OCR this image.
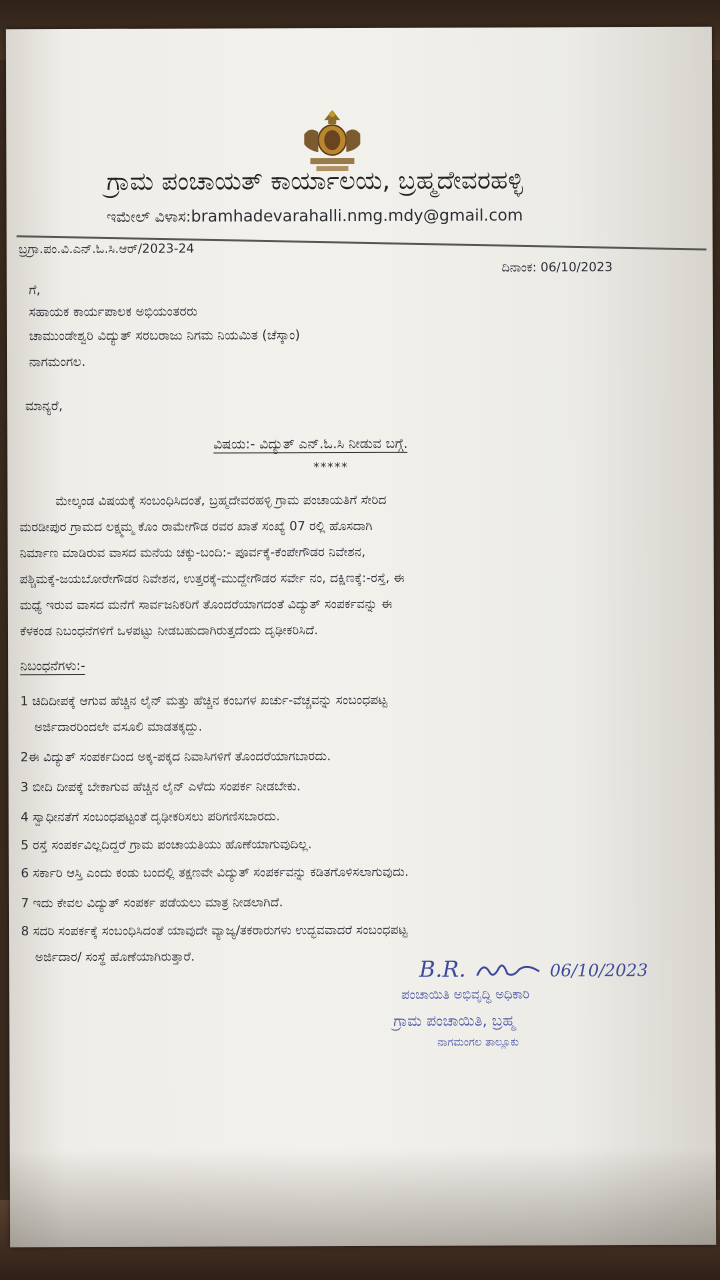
ಗ್ರಾಮ ಪಂಚಾಯತ್ ಕಾರ್ಯಾಲಯ, ಬ್ರಹ್ಮದೇವರಹಳ್ಳಿ
ಇಮೇಲ್ ವಿಳಾಸ:bramhadevarahalli.nmg.mdy@gmail.com
ಬ್ರಗ್ರಾ.ಪಂ.ವಿ.ಎನ್.ಓ.ಸಿ.ಆರ್/2023-24
ದಿನಾಂಕ: 06/10/2023
ಗೆ,
ಸಹಾಯಕ ಕಾರ್ಯಪಾಲಕ ಅಭಿಯಂತರರು
ಚಾಮುಂಡೇಶ್ವರಿ ವಿದ್ಯುತ್ ಸರಬರಾಜು ನಿಗಮ ನಿಯಮಿತ (ಚೆಸ್ಕಾಂ)
ನಾಗಮಂಗಲ.
ಮಾನ್ಯರೆ,
ವಿಷಯ:- ವಿದ್ಯುತ್ ಎನ್.ಓ.ಸಿ ನೀಡುವ ಬಗ್ಗೆ.
*****
ಮೇಲ್ಕಂಡ ವಿಷಯಕ್ಕೆ ಸಂಬಂಧಿಸಿದಂತೆ, ಬ್ರಹ್ಮದೇವರಹಳ್ಳಿ ಗ್ರಾಮ ಪಂಚಾಯತಿಗೆ ಸೇರಿದ
ಮರಡೀಪುರ ಗ್ರಾಮದ ಲಕ್ಷ್ಮಮ್ಮ ಕೊಂ ರಾಮೇಗೌಡ ರವರ ಖಾತೆ ಸಂಖ್ಯೆ 07 ರಲ್ಲಿ ಹೊಸದಾಗಿ
ನಿರ್ಮಾಣ ಮಾಡಿರುವ ವಾಸದ ಮನೆಯ ಚಕ್ಕು-ಬಂದಿ:- ಪೂರ್ವಕ್ಕೆ-ಕೆಂಪೇಗೌಡರ ನಿವೇಶನ,
ಪಶ್ಚಿಮಕ್ಕೆ-ಜಯಬೋರೇಗೌಡರ ನಿವೇಶನ, ಉತ್ತರಕ್ಕೆ-ಮುದ್ದೇಗೌಡರ ಸರ್ವೇ ನಂ, ದಕ್ಷಿಣಕ್ಕೆ:-ರಸ್ತೆ, ಈ
ಮಧ್ಯೆ ಇರುವ ವಾಸದ ಮನೆಗೆ ಸಾರ್ವಜನಿಕರಿಗೆ ತೊಂದರೆಯಾಗದಂತೆ ವಿದ್ಯುತ್ ಸಂಪರ್ಕವನ್ನು ಈ
ಕೆಳಕಂಡ ನಿಬಂಧನೆಗಳಿಗೆ ಒಳಪಟ್ಟು ನೀಡಬಹುದಾಗಿರುತ್ತದೆಂದು ದೃಢೀಕರಿಸಿದೆ.
ನಿಬಂಧನೆಗಳು:-
1 ಚಿದಿದೀಪಕ್ಕೆ ಆಗುವ ಹೆಚ್ಚಿನ ಲೈನ್ ಮತ್ತು ಹೆಚ್ಚಿನ ಕಂಬಗಳ ಖರ್ಚು-ವೆಚ್ಚವನ್ನು ಸಂಬಂಧಪಟ್ಟ
ಅರ್ಜಿದಾರರಿಂದಲೇ ವಸೂಲಿ ಮಾಡತಕ್ಕದ್ದು.
2ಈ ವಿದ್ಯುತ್ ಸಂಪರ್ಕದಿಂದ ಅಕ್ಕ-ಪಕ್ಕದ ನಿವಾಸಿಗಳಿಗೆ ತೊಂದರೆಯಾಗಬಾರದು.
3 ಬೀದಿ ದೀಪಕ್ಕೆ ಬೇಕಾಗುವ ಹೆಚ್ಚಿನ ಲೈನ್ ಎಳೆದು ಸಂಪರ್ಕ ನೀಡಬೇಕು.
4 ಸ್ವಾಧೀನತೆಗೆ ಸಂಬಂಧಪಟ್ಟಂತೆ ದೃಢೀಕರಿಸಲು ಪರಿಗಣಿಸಬಾರದು.
5 ರಸ್ತೆ ಸಂಪರ್ಕವಿಲ್ಲದಿದ್ದರೆ ಗ್ರಾಮ ಪಂಚಾಯತಿಯು ಹೊಣೆಯಾಗುವುದಿಲ್ಲ.
6 ಸರ್ಕಾರಿ ಆಸ್ತಿ ಎಂದು ಕಂಡು ಬಂದಲ್ಲಿ ತಕ್ಷಣವೇ ವಿದ್ಯುತ್ ಸಂಪರ್ಕವನ್ನು ಕಡಿತಗೊಳಿಸಲಾಗುವುದು.
7 ಇದು ಕೇವಲ ವಿದ್ಯುತ್ ಸಂಪರ್ಕ ಪಡೆಯಲು ಮಾತ್ರ ನೀಡಲಾಗಿದೆ.
8 ಸದರಿ ಸಂಪರ್ಕಕ್ಕೆ ಸಂಬಂಧಿಸಿದಂತೆ ಯಾವುದೇ ವ್ಯಾಜ್ಯ/ತಕರಾರುಗಳು ಉದ್ಭವವಾದರೆ ಸಂಬಂಧಪಟ್ಟ
ಅರ್ಜಿದಾರ/ ಸಂಸ್ಥೆ ಹೊಣೆಯಾಗಿರುತ್ತಾರೆ.
B.R.	06/10/2023
ಪಂಚಾಯಿತಿ ಅಭಿವೃದ್ಧಿ ಅಧಿಕಾರಿ
ಗ್ರಾಮ ಪಂಚಾಯಿತಿ, ಬ್ರಹ್ಮ
ನಾಗಮಂಗಲ ತಾಲ್ಲೂಕು
